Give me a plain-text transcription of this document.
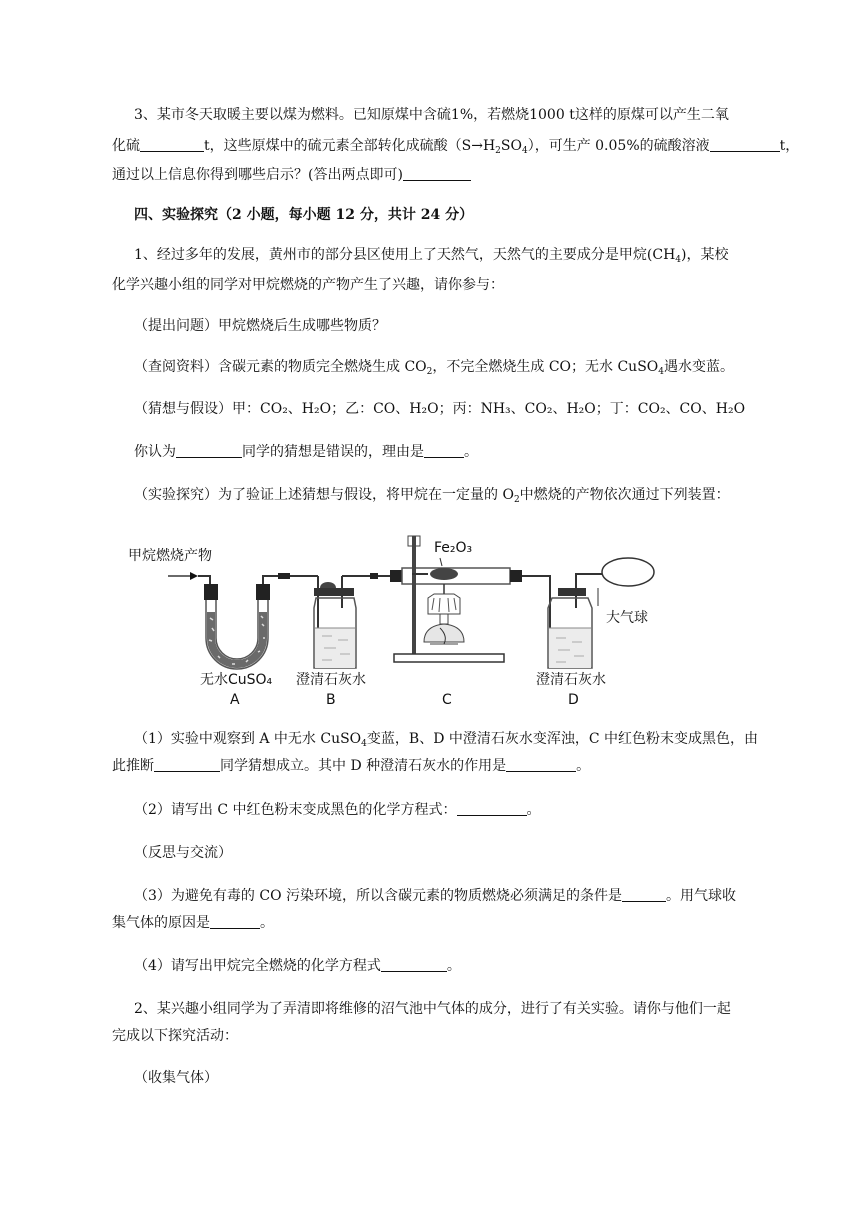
3、某市冬天取暖主要以煤为燃料。已知原煤中含硫1%，若燃烧1000 t这样的原煤可以产生二氧
化硫	t，这些原煤中的硫元素全部转化成硫酸$(S\to H_2SO_4)$，可生产 0.05%的硫酸溶液	t，
通过以上信息你得到哪些启示？(答出两点即可)
四、实验探究（2 小题，每小题 12 分，共计 24 分）
1、经过多年的发展，黄州市的部分县区使用上了天然气，天然气的主要成分是甲烷$(CH_4)$，某校
化学兴趣小组的同学对甲烷燃烧的产物产生了兴趣，请你参与：
（提出问题）甲烷燃烧后生成哪些物质？
（查阅资料）含碳元素的物质完全燃烧生成 $CO_2$，不完全燃烧生成 CO；无水 CuSO$_4$遇水变蓝。
（猜想与假设）甲：CO₂、H₂O；乙：CO、H₂O；丙：NH₃、CO₂、H₂O；丁：CO₂、CO、H₂O
你认为	同学的猜想是错误的，理由是	。
（实验探究）为了验证上述猜想与假设，将甲烷在一定量的 $O_2$中燃烧的产物依次通过下列装置：
甲烷燃烧产物	Fe₂O₃
大气球
无水CuSO₄ 澄清石灰水	澄清石灰水
A	B	C	D
（1）实验中观察到 A 中无水 CuSO$_4$变蓝，B、D 中澄清石灰水变浑浊，C 中红色粉末变成黑色，由
此推断	同学猜想成立。其中 D 种澄清石灰水的作用是	。
（2）请写出 C 中红色粉末变成黑色的化学方程式：	。
（反思与交流）
（3）为避免有毒的 CO 污染环境，所以含碳元素的物质燃烧必须满足的条件是	。用气球收
集气体的原因是	。
（4）请写出甲烷完全燃烧的化学方程式	。
2、某兴趣小组同学为了弄清即将维修的沼气池中气体的成分，进行了有关实验。请你与他们一起
完成以下探究活动：
（收集气体）
